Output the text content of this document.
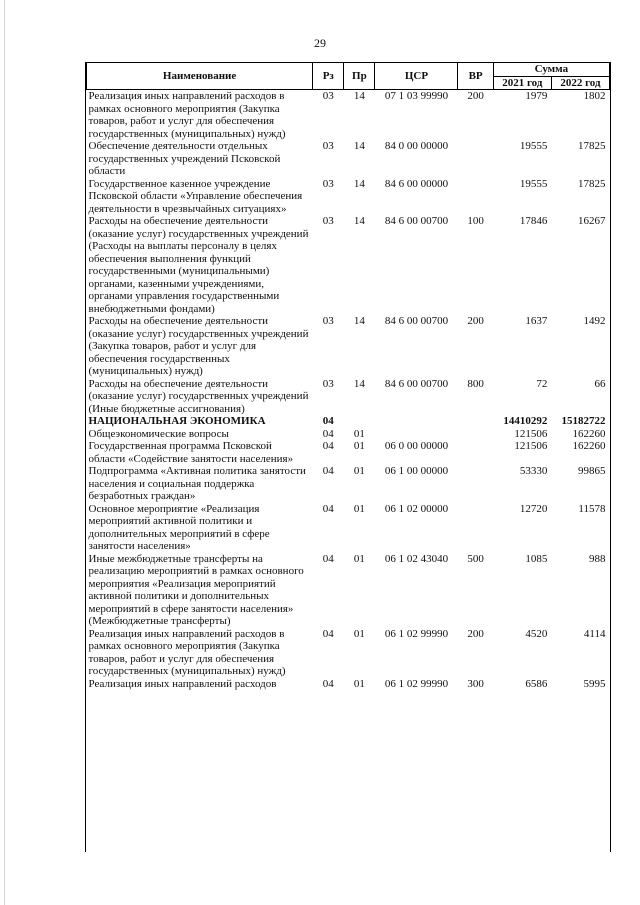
29
Наименование	Рз	Пр	ЦСР	ВР	Сумма	
					2021 год	2022 год
Реализация иных направлений расходов в рамках основного мероприятия (Закупка товаров, работ и услуг для обеспечения государственных (муниципальных) нужд)	03	14	07 1 03 99990	200	1979	1802
Обеспечение деятельности отдельных государственных учреждений Псковской области	03	14	84 0 00 00000		19555	17825
Государственное казенное учреждение Псковской области «Управление обеспечения деятельности в чрезвычайных ситуациях»	03	14	84 6 00 00000		19555	17825
Расходы на обеспечение деятельности (оказание услуг) государственных учреждений (Расходы на выплаты персоналу в целях обеспечения выполнения функций государственными (муниципальными) органами, казенными учреждениями, органами управления государственными внебюджетными фондами)	03	14	84 6 00 00700	100	17846	16267
Расходы на обеспечение деятельности (оказание услуг) государственных учреждений (Закупка товаров, работ и услуг для обеспечения государственных (муниципальных) нужд)	03	14	84 6 00 00700	200	1637	1492
Расходы на обеспечение деятельности (оказание услуг) государственных учреждений (Иные бюджетные ассигнования)	03	14	84 6 00 00700	800	72	66
НАЦИОНАЛЬНАЯ ЭКОНОМИКА	04				14410292	15182722
Общеэкономические вопросы	04	01			121506	162260
Государственная программа Псковской области «Содействие занятости населения»	04	01	06 0 00 00000		121506	162260
Подпрограмма «Активная политика занятости населения и социальная поддержка безработных граждан»	04	01	06 1 00 00000		53330	99865
Основное мероприятие «Реализация мероприятий активной политики и дополнительных мероприятий в сфере занятости населения»	04	01	06 1 02 00000		12720	11578
Иные межбюджетные трансферты на реализацию мероприятий в рамках основного мероприятия «Реализация мероприятий активной политики и дополнительных мероприятий в сфере занятости населения» (Межбюджетные трансферты)	04	01	06 1 02 43040	500	1085	988
Реализация иных направлений расходов в рамках основного мероприятия (Закупка товаров, работ и услуг для обеспечения государственных (муниципальных) нужд)	04	01	06 1 02 99990	200	4520	4114
Реализация иных направлений расходов	04	01	06 1 02 99990	300	6586	5995
